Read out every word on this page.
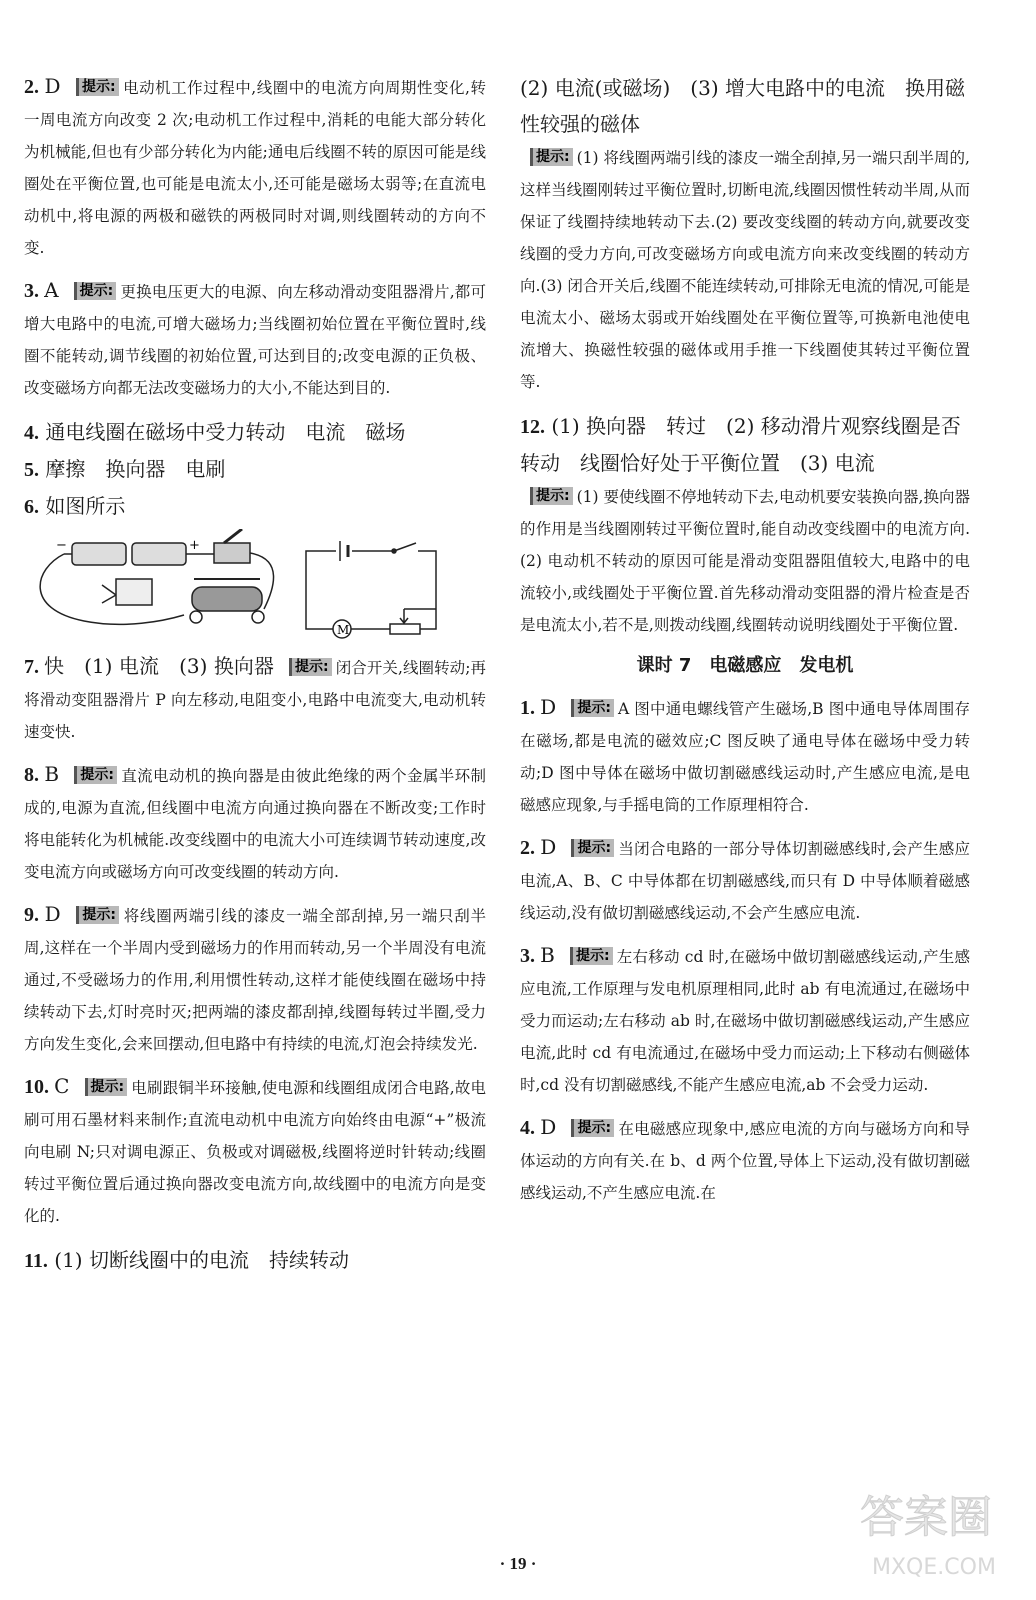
2. D 提示: 电动机工作过程中,线圈中的电流方向周期性变化,转一周电流方向改变 2 次;电动机工作过程中,消耗的电能大部分转化为机械能,但也有少部分转化为内能;通电后线圈不转的原因可能是线圈处在平衡位置,也可能是电流太小,还可能是磁场太弱等;在直流电动机中,将电源的两极和磁铁的两极同时对调,则线圈转动的方向不变.
3. A 提示: 更换电压更大的电源、向左移动滑动变阻器滑片,都可增大电路中的电流,可增大磁场力;当线圈初始位置在平衡位置时,线圈不能转动,调节线圈的初始位置,可达到目的;改变电源的正负极、改变磁场方向都无法改变磁场力的大小,不能达到目的.
4. 通电线圈在磁场中受力转动　电流　磁场
5. 摩擦　换向器　电刷
6. 如图所示
−	+
M
7. 快　(1) 电流　(3) 换向器 提示: 闭合开关,线圈转动;再将滑动变阻器滑片 P 向左移动,电阻变小,电路中电流变大,电动机转速变快.
8. B 提示: 直流电动机的换向器是由彼此绝缘的两个金属半环制成的,电源为直流,但线圈中电流方向通过换向器在不断改变;工作时将电能转化为机械能.改变线圈中的电流大小可连续调节转动速度,改变电流方向或磁场方向可改变线圈的转动方向.
9. D 提示: 将线圈两端引线的漆皮一端全部刮掉,另一端只刮半周,这样在一个半周内受到磁场力的作用而转动,另一个半周没有电流通过,不受磁场力的作用,利用惯性转动,这样才能使线圈在磁场中持续转动下去,灯时亮时灭;把两端的漆皮都刮掉,线圈每转过半圈,受力方向发生变化,会来回摆动,但电路中有持续的电流,灯泡会持续发光.
10. C 提示: 电刷跟铜半环接触,使电源和线圈组成闭合电路,故电刷可用石墨材料来制作;直流电动机中电流方向始终由电源“+”极流向电刷 N;只对调电源正、负极或对调磁极,线圈将逆时针转动;线圈转过平衡位置后通过换向器改变电流方向,故线圈中的电流方向是变化的.
11. (1) 切断线圈中的电流　持续转动
(2) 电流(或磁场)　(3) 增大电路中的电流　换用磁性较强的磁体
提示: (1) 将线圈两端引线的漆皮一端全刮掉,另一端只刮半周的,这样当线圈刚转过平衡位置时,切断电流,线圈因惯性转动半周,从而保证了线圈持续地转动下去.(2) 要改变线圈的转动方向,就要改变线圈的受力方向,可改变磁场方向或电流方向来改变线圈的转动方向.(3) 闭合开关后,线圈不能连续转动,可排除无电流的情况,可能是电流太小、磁场太弱或开始线圈处在平衡位置等,可换新电池使电流增大、换磁性较强的磁体或用手推一下线圈使其转过平衡位置等.
12. (1) 换向器　转过　(2) 移动滑片观察线圈是否转动　线圈恰好处于平衡位置　(3) 电流
提示: (1) 要使线圈不停地转动下去,电动机要安装换向器,换向器的作用是当线圈刚转过平衡位置时,能自动改变线圈中的电流方向.(2) 电动机不转动的原因可能是滑动变阻器阻值较大,电路中的电流较小,或线圈处于平衡位置.首先移动滑动变阻器的滑片检查是否是电流太小,若不是,则拨动线圈,线圈转动说明线圈处于平衡位置.
课时 7　电磁感应　发电机
1. D 提示: A 图中通电螺线管产生磁场,B 图中通电导体周围存在磁场,都是电流的磁效应;C 图反映了通电导体在磁场中受力转动;D 图中导体在磁场中做切割磁感线运动时,产生感应电流,是电磁感应现象,与手摇电筒的工作原理相符合.
2. D 提示: 当闭合电路的一部分导体切割磁感线时,会产生感应电流,A、B、C 中导体都在切割磁感线,而只有 D 中导体顺着磁感线运动,没有做切割磁感线运动,不会产生感应电流.
3. B 提示: 左右移动 cd 时,在磁场中做切割磁感线运动,产生感应电流,工作原理与发电机原理相同,此时 ab 有电流通过,在磁场中受力而运动;左右移动 ab 时,在磁场中做切割磁感线运动,产生感应电流,此时 cd 有电流通过,在磁场中受力而运动;上下移动右侧磁体时,cd 没有切割磁感线,不能产生感应电流,ab 不会受力运动.
4. D 提示: 在电磁感应现象中,感应电流的方向与磁场方向和导体运动的方向有关.在 b、d 两个位置,导体上下运动,没有做切割磁感线运动,不产生感应电流.在
· 19 ·
答案圈
MXQE.COM
